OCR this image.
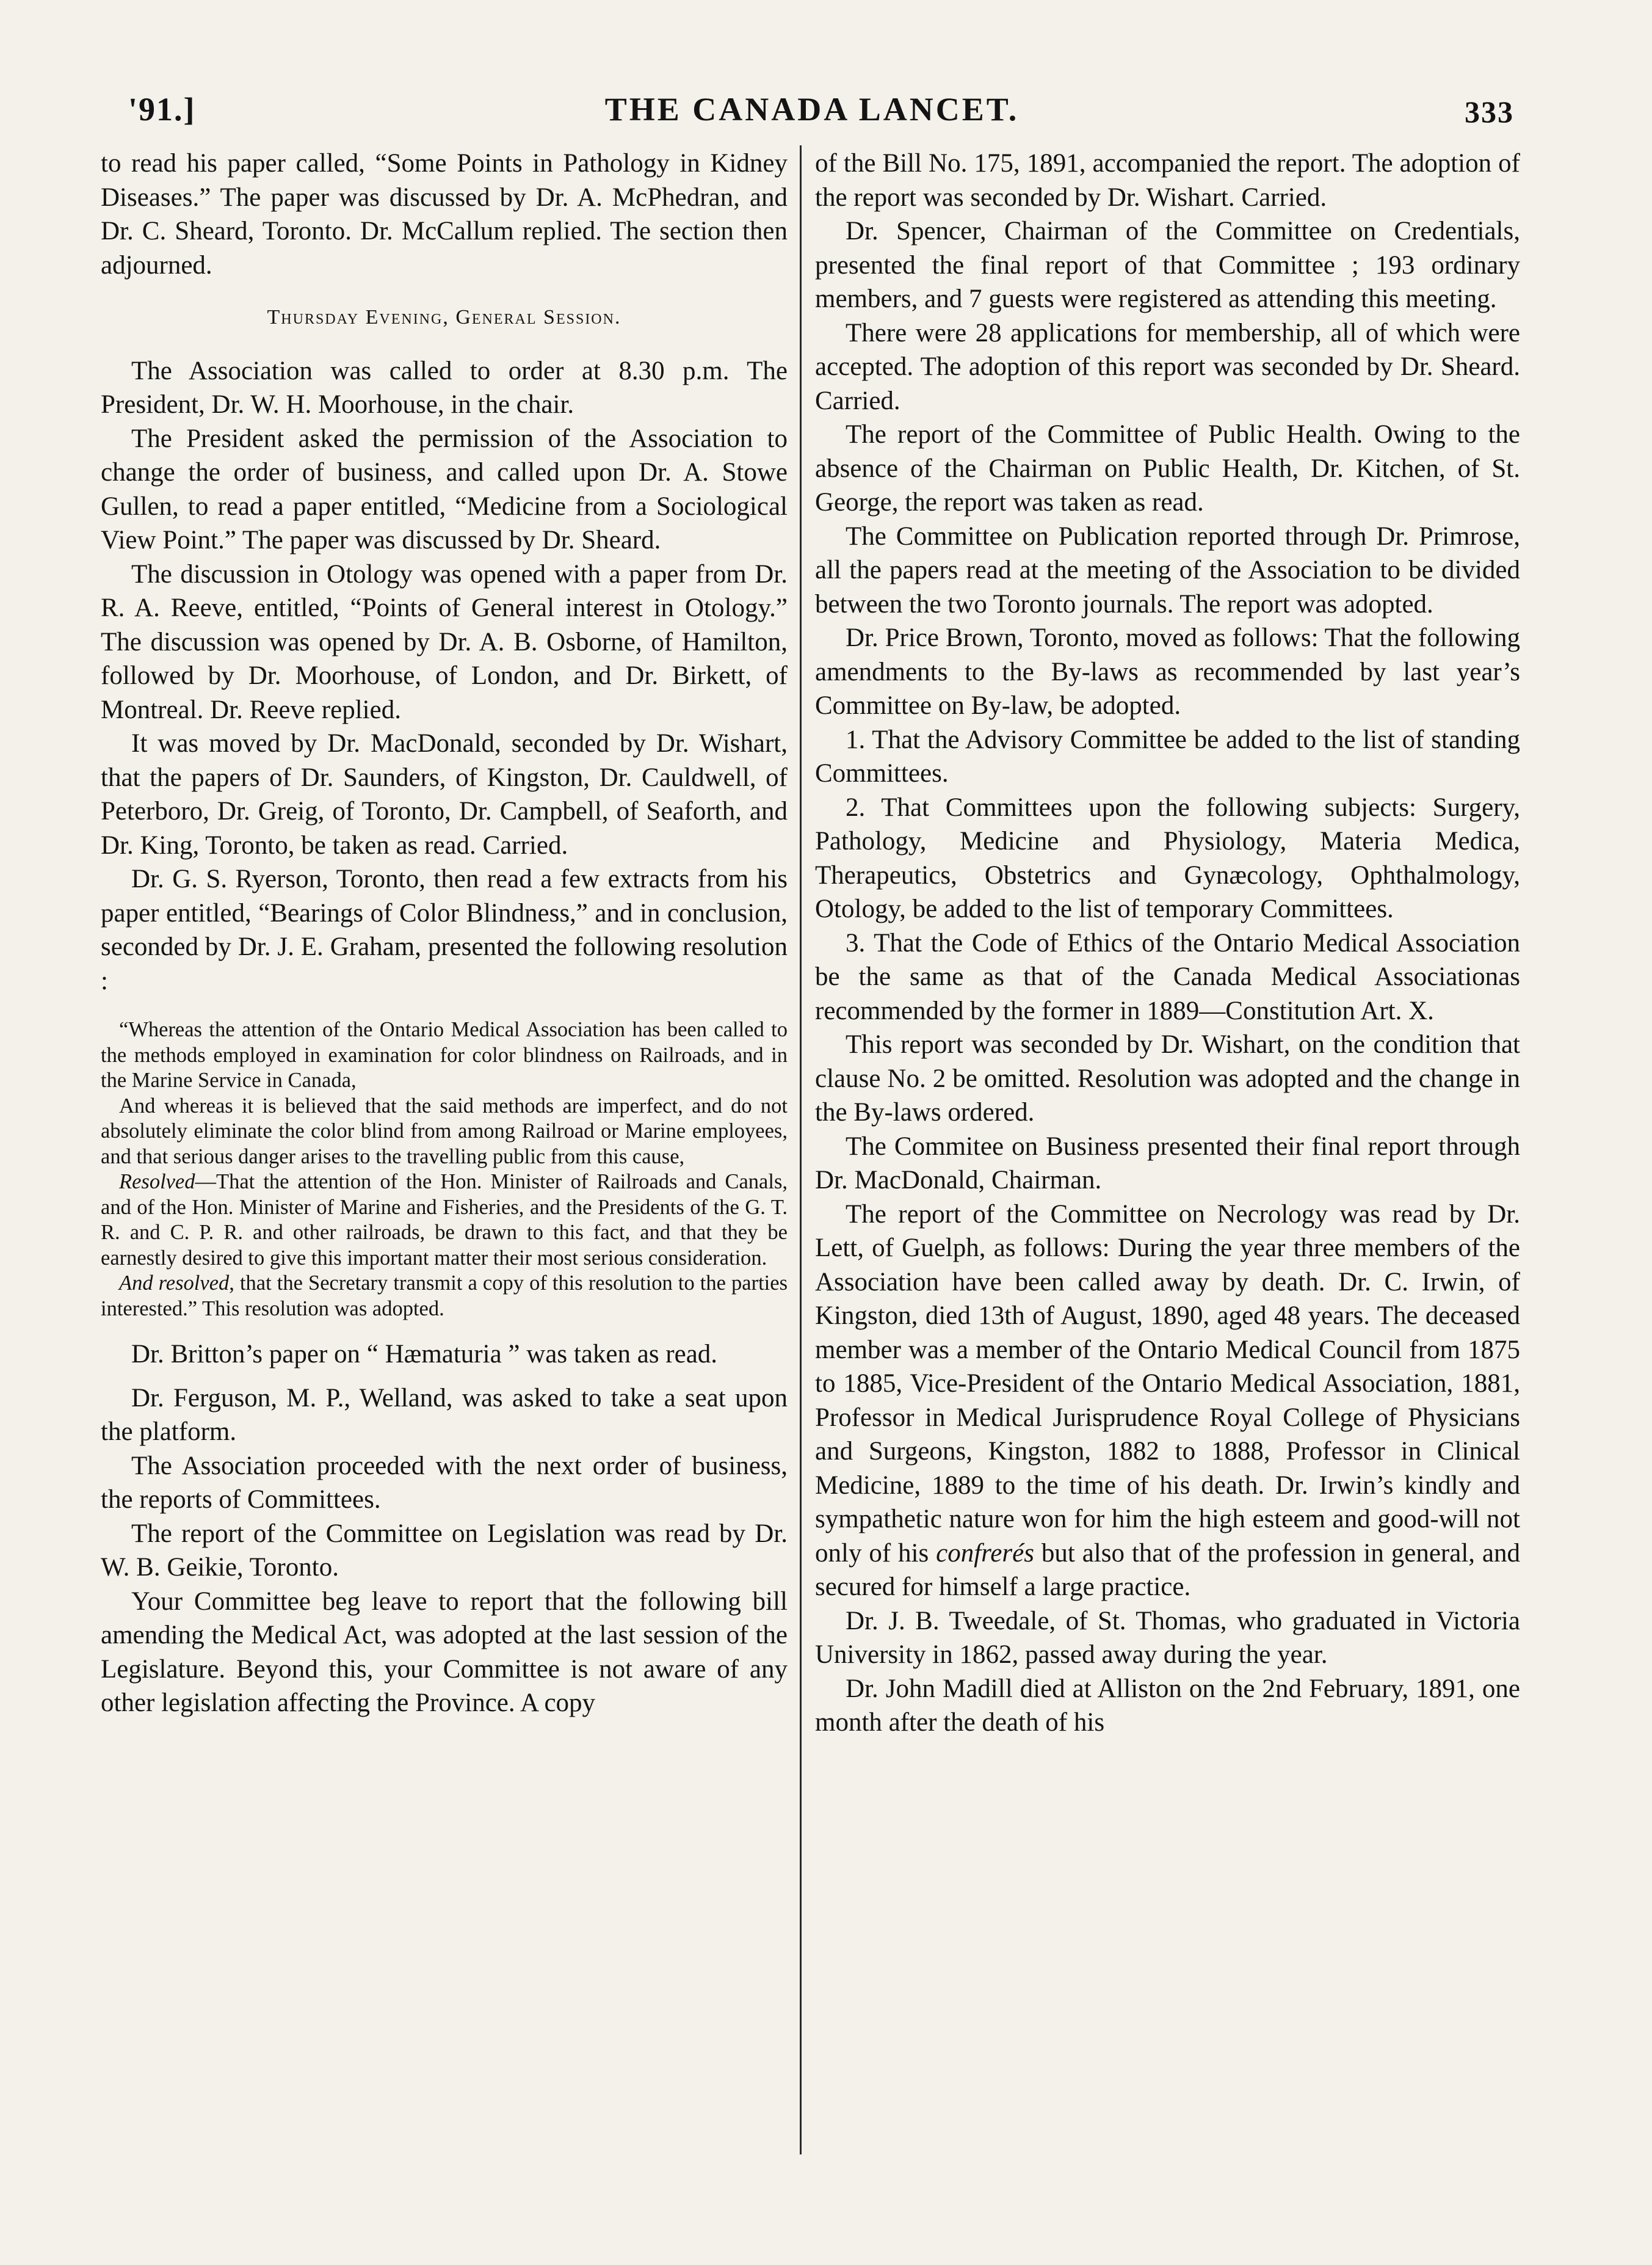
'91.]	THE CANADA LANCET.	333

to read his paper called, “Some Points in Pathology in Kidney Diseases.” The paper was discussed by Dr. A. McPhedran, and Dr. C. Sheard, Toronto. Dr. McCallum replied. The section then adjourned.

Thursday Evening, General Session.

The Association was called to order at 8.30 p.m. The President, Dr. W. H. Moorhouse, in the chair.

The President asked the permission of the Association to change the order of business, and called upon Dr. A. Stowe Gullen, to read a paper entitled, “Medicine from a Sociological View Point.” The paper was discussed by Dr. Sheard.

The discussion in Otology was opened with a paper from Dr. R. A. Reeve, entitled, “Points of General interest in Otology.” The discussion was opened by Dr. A. B. Osborne, of Hamilton, followed by Dr. Moorhouse, of London, and Dr. Birkett, of Montreal. Dr. Reeve replied.

It was moved by Dr. MacDonald, seconded by Dr. Wishart, that the papers of Dr. Saunders, of Kingston, Dr. Cauldwell, of Peterboro, Dr. Greig, of Toronto, Dr. Campbell, of Seaforth, and Dr. King, Toronto, be taken as read. Carried.

Dr. G. S. Ryerson, Toronto, then read a few extracts from his paper entitled, “Bearings of Color Blindness,” and in conclusion, seconded by Dr. J. E. Graham, presented the following resolution :

“Whereas the attention of the Ontario Medical Association has been called to the methods employed in examination for color blindness on Railroads, and in the Marine Service in Canada,

And whereas it is believed that the said methods are imperfect, and do not absolutely eliminate the color blind from among Railroad or Marine employees, and that serious danger arises to the travelling public from this cause,

Resolved—That the attention of the Hon. Minister of Railroads and Canals, and of the Hon. Minister of Marine and Fisheries, and the Presidents of the G. T. R. and C. P. R. and other railroads, be drawn to this fact, and that they be earnestly desired to give this important matter their most serious consideration.

And resolved, that the Secretary transmit a copy of this resolution to the parties interested.” This resolution was adopted.

Dr. Britton’s paper on “ Hæmaturia ” was taken as read.

Dr. Ferguson, M. P., Welland, was asked to take a seat upon the platform.

The Association proceeded with the next order of business, the reports of Committees.

The report of the Committee on Legislation was read by Dr. W. B. Geikie, Toronto.

Your Committee beg leave to report that the following bill amending the Medical Act, was adopted at the last session of the Legislature. Beyond this, your Committee is not aware of any other legislation affecting the Province. A copy

of the Bill No. 175, 1891, accompanied the report. The adoption of the report was seconded by Dr. Wishart. Carried.

Dr. Spencer, Chairman of the Committee on Credentials, presented the final report of that Committee ; 193 ordinary members, and 7 guests were registered as attending this meeting.

There were 28 applications for membership, all of which were accepted. The adoption of this report was seconded by Dr. Sheard. Carried.

The report of the Committee of Public Health. Owing to the absence of the Chairman on Public Health, Dr. Kitchen, of St. George, the report was taken as read.

The Committee on Publication reported through Dr. Primrose, all the papers read at the meeting of the Association to be divided between the two Toronto journals. The report was adopted.

Dr. Price Brown, Toronto, moved as follows: That the following amendments to the By-laws as recommended by last year’s Committee on By-law, be adopted.

1. That the Advisory Committee be added to the list of standing Committees.

2. That Committees upon the following subjects: Surgery, Pathology, Medicine and Physiology, Materia Medica, Therapeutics, Obstetrics and Gynæcology, Ophthalmology, Otology, be added to the list of temporary Committees.

3. That the Code of Ethics of the Ontario Medical Association be the same as that of the Canada Medical Associationas recommended by the former in 1889—Constitution Art. X.

This report was seconded by Dr. Wishart, on the condition that clause No. 2 be omitted. Resolution was adopted and the change in the By-laws ordered.

The Commitee on Business presented their final report through Dr. MacDonald, Chairman.

The report of the Committee on Necrology was read by Dr. Lett, of Guelph, as follows: During the year three members of the Association have been called away by death. Dr. C. Irwin, of Kingston, died 13th of August, 1890, aged 48 years. The deceased member was a member of the Ontario Medical Council from 1875 to 1885, Vice-President of the Ontario Medical Association, 1881, Professor in Medical Jurisprudence Royal College of Physicians and Surgeons, Kingston, 1882 to 1888, Professor in Clinical Medicine, 1889 to the time of his death. Dr. Irwin’s kindly and sympathetic nature won for him the high esteem and good-will not only of his confrerés but also that of the profession in general, and secured for himself a large practice.

Dr. J. B. Tweedale, of St. Thomas, who graduated in Victoria University in 1862, passed away during the year.

Dr. John Madill died at Alliston on the 2nd February, 1891, one month after the death of his
